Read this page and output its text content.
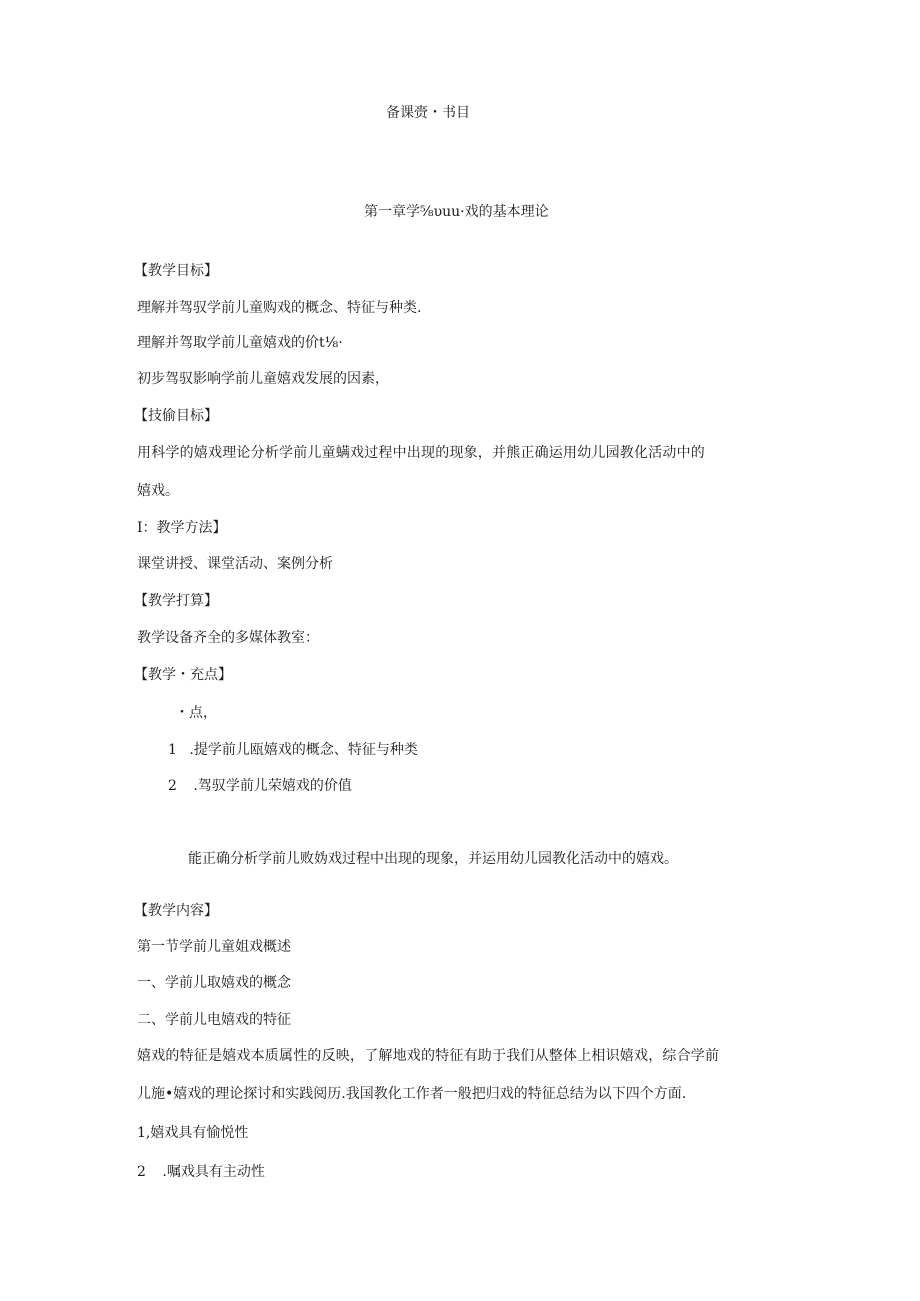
备课赍・书目

第一章学⅝υuu·戏的基本理论

【教学目标】

理解并驾驭学前儿童购戏的概念、特征与种类.

理解并驾取学前儿童嬉戏的价t⅛·

初步驾驭影响学前儿童嬉戏发展的因素，

【技偷目标】

用科学的嬉戏理论分析学前儿童螨戏过程中出现的现象，并熊正确运用幼儿园教化活动中的

嬉戏。

I：教学方法】

课堂讲授、课堂活动、案例分析

【教学打算】

教学设备齐全的多媒体教室：

【教学・充点】

・点，

1 .提学前儿瓯嬉戏的概念、特征与种类

2 .驾驭学前儿荣嬉戏的价值

能正确分析学前儿败妫戏过程中出现的现象，并运用幼儿园教化活动中的嬉戏。

【教学内容】

第一节学前儿童姐戏概述

一、学前儿取嬉戏的概念

二、学前儿电嬉戏的特征

嬉戏的特征是嬉戏本质属性的反映，了解地戏的特征有助于我们从整体上相识嬉戏，综合学前

儿施•嬉戏的理论探讨和实践阅历.我国教化工作者一般把归戏的特征总结为以下四个方面.

1,嬉戏具有愉悦性

2 .嘱戏具有主动性
